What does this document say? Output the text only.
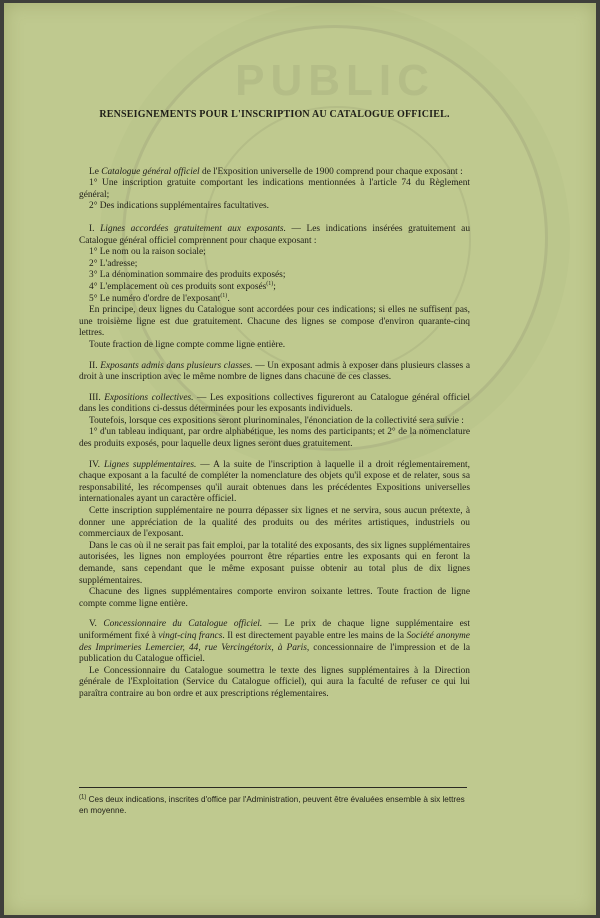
PUBLIC
RENSEIGNEMENTS POUR L'INSCRIPTION AU CATALOGUE OFFICIEL.

Le Catalogue général officiel de l'Exposition universelle de 1900 comprend pour chaque exposant :

1° Une inscription gratuite comportant les indications mentionnées à l'article 74 du Règlement général;

2° Des indications supplémentaires facultatives.

I. Lignes accordées gratuitement aux exposants. — Les indications insérées gratuitement au Catalogue général officiel comprennent pour chaque exposant :

1° Le nom ou la raison sociale;

2° L'adresse;

3° La dénomination sommaire des produits exposés;

4° L'emplacement où ces produits sont exposés$^{(1)}$;

5° Le numéro d'ordre de l'exposant$^{(1)}$.

En principe, deux lignes du Catalogue sont accordées pour ces indications; si elles ne suffisent pas, une troisième ligne est due gratuitement. Chacune des lignes se compose d'environ quarante-cinq lettres.

Toute fraction de ligne compte comme ligne entière.

II. Exposants admis dans plusieurs classes. — Un exposant admis à exposer dans plusieurs classes a droit à une inscription avec le même nombre de lignes dans chacune de ces classes.

III. Expositions collectives. — Les expositions collectives figureront au Catalogue général officiel dans les conditions ci-dessus déterminées pour les exposants individuels.

Toutefois, lorsque ces expositions seront plurinominales, l'énonciation de la collectivité sera suivie :

1° d'un tableau indiquant, par ordre alphabétique, les noms des participants; et 2° de la nomenclature des produits exposés, pour laquelle deux lignes seront dues gratuitement.

IV. Lignes supplémentaires. — A la suite de l'inscription à laquelle il a droit réglementairement, chaque exposant a la faculté de compléter la nomenclature des objets qu'il expose et de relater, sous sa responsabilité, les récompenses qu'il aurait obtenues dans les précédentes Expositions universelles internationales ayant un caractère officiel.

Cette inscription supplémentaire ne pourra dépasser six lignes et ne servira, sous aucun prétexte, à donner une appréciation de la qualité des produits ou des mérites artistiques, industriels ou commerciaux de l'exposant.

Dans le cas où il ne serait pas fait emploi, par la totalité des exposants, des six lignes supplémentaires autorisées, les lignes non employées pourront être réparties entre les exposants qui en feront la demande, sans cependant que le même exposant puisse obtenir au total plus de dix lignes supplémentaires.

Chacune des lignes supplémentaires comporte environ soixante lettres. Toute fraction de ligne compte comme ligne entière.

V. Concessionnaire du Catalogue officiel. — Le prix de chaque ligne supplémentaire est uniformément fixé à vingt-cinq francs. Il est directement payable entre les mains de la Société anonyme des Imprimeries Lemercier, 44, rue Vercingétorix, à Paris, concessionnaire de l'impression et de la publication du Catalogue officiel.

Le Concessionnaire du Catalogue soumettra le texte des lignes supplémentaires à la Direction générale de l'Exploitation (Service du Catalogue officiel), qui aura la faculté de refuser ce qui lui paraîtra contraire au bon ordre et aux prescriptions réglementaires.

$^{(1)}$ Ces deux indications, inscrites d'office par l'Administration, peuvent être évaluées ensemble à six lettres en moyenne.
